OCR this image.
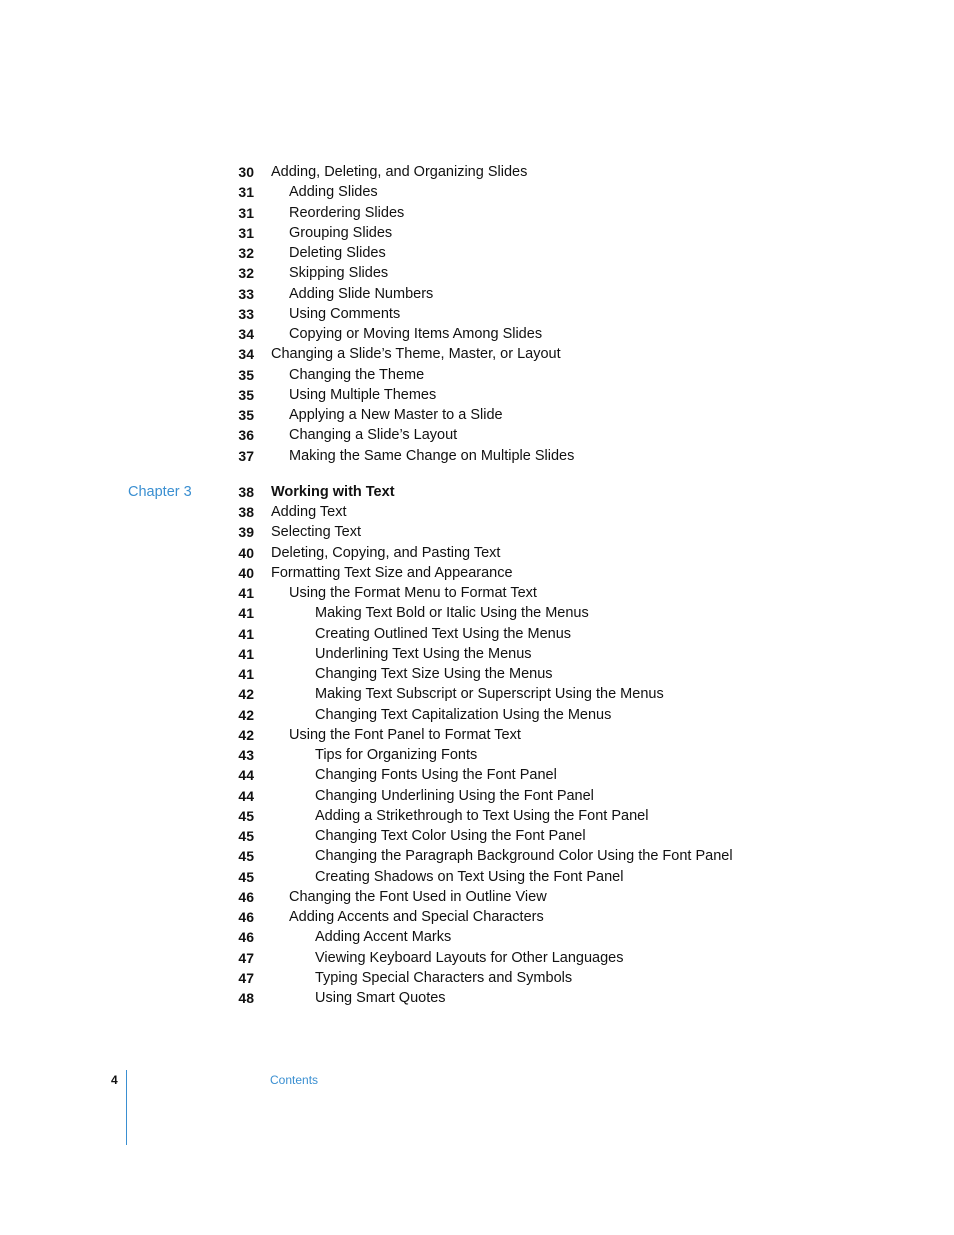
30 Adding, Deleting, and Organizing Slides
31 Adding Slides
31 Reordering Slides
31 Grouping Slides
32 Deleting Slides
32 Skipping Slides
33 Adding Slide Numbers
33 Using Comments
34 Copying or Moving Items Among Slides
34 Changing a Slide’s Theme, Master, or Layout
35 Changing the Theme
35 Using Multiple Themes
35 Applying a New Master to a Slide
36 Changing a Slide’s Layout
37 Making the Same Change on Multiple Slides
Chapter 3	38 Working with Text
38 Adding Text
39 Selecting Text
40 Deleting, Copying, and Pasting Text
40 Formatting Text Size and Appearance
41 Using the Format Menu to Format Text
41	Making Text Bold or Italic Using the Menus
41	Creating Outlined Text Using the Menus
41	Underlining Text Using the Menus
41	Changing Text Size Using the Menus
42	Making Text Subscript or Superscript Using the Menus
42	Changing Text Capitalization Using the Menus
42 Using the Font Panel to Format Text
43	Tips for Organizing Fonts
44	Changing Fonts Using the Font Panel
44	Changing Underlining Using the Font Panel
45	Adding a Strikethrough to Text Using the Font Panel
45	Changing Text Color Using the Font Panel
45	Changing the Paragraph Background Color Using the Font Panel
45	Creating Shadows on Text Using the Font Panel
46 Changing the Font Used in Outline View
46 Adding Accents and Special Characters
46	Adding Accent Marks
47	Viewing Keyboard Layouts for Other Languages
47	Typing Special Characters and Symbols
48	Using Smart Quotes
4	Contents
